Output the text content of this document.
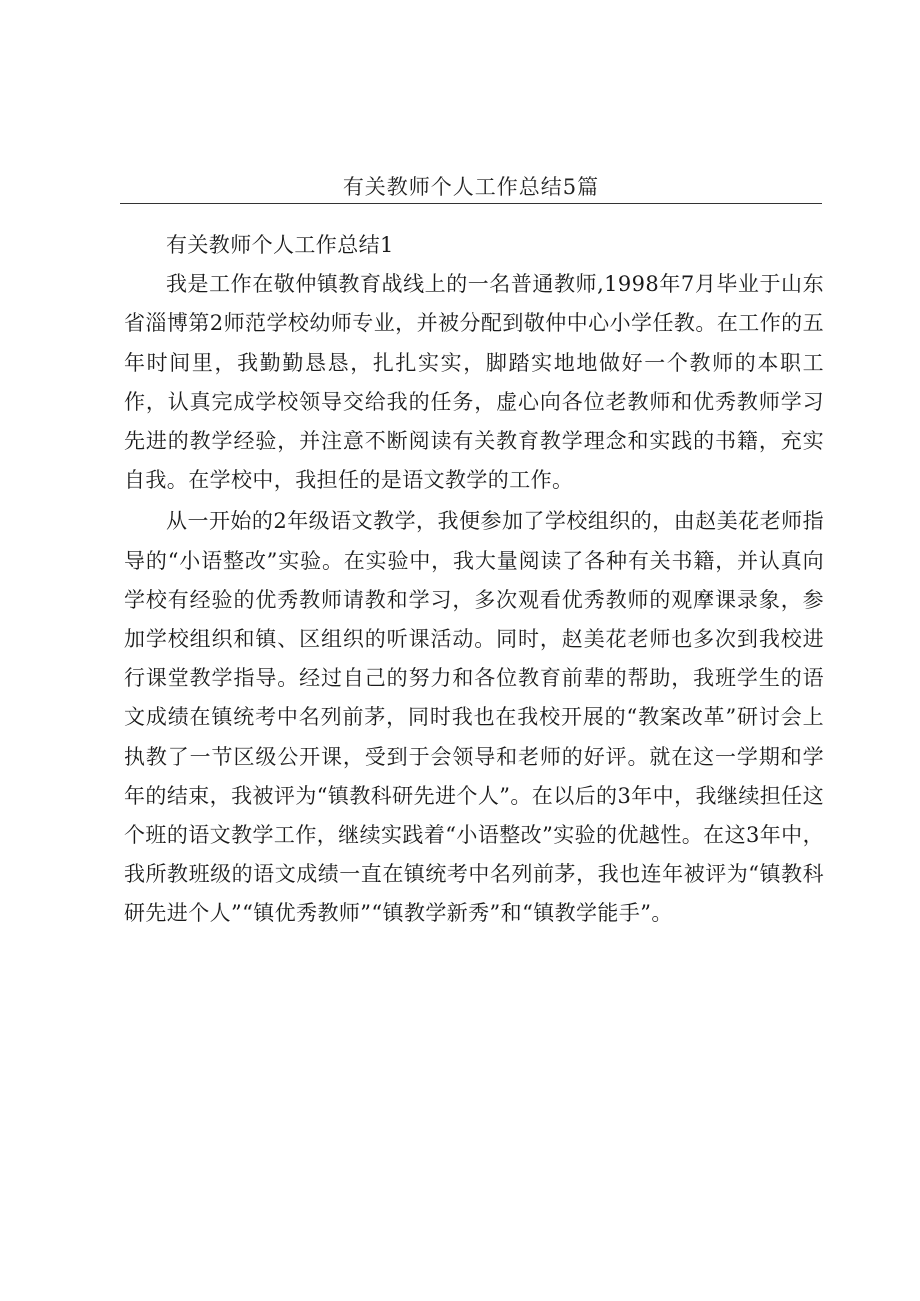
有关教师个人工作总结5篇
有关教师个人工作总结1

我是工作在敬仲镇教育战线上的一名普通教师,1998年7月毕业于山东省淄博第2师范学校幼师专业，并被分配到敬仲中心小学任教。在工作的五年时间里，我勤勤恳恳，扎扎实实，脚踏实地地做好一个教师的本职工作，认真完成学校领导交给我的任务，虚心向各位老教师和优秀教师学习先进的教学经验，并注意不断阅读有关教育教学理念和实践的书籍，充实自我。在学校中，我担任的是语文教学的工作。

从一开始的2年级语文教学，我便参加了学校组织的，由赵美花老师指导的“小语整改”实验。在实验中，我大量阅读了各种有关书籍，并认真向学校有经验的优秀教师请教和学习，多次观看优秀教师的观摩课录象，参加学校组织和镇、区组织的听课活动。同时，赵美花老师也多次到我校进行课堂教学指导。经过自己的努力和各位教育前辈的帮助，我班学生的语文成绩在镇统考中名列前茅，同时我也在我校开展的“教案改革”研讨会上执教了一节区级公开课，受到于会领导和老师的好评。就在这一学期和学年的结束，我被评为“镇教科研先进个人”。在以后的3年中，我继续担任这个班的语文教学工作，继续实践着“小语整改”实验的优越性。在这3年中，我所教班级的语文成绩一直在镇统考中名列前茅，我也连年被评为“镇教科研先进个人”“镇优秀教师”“镇教学新秀”和“镇教学能手”。
